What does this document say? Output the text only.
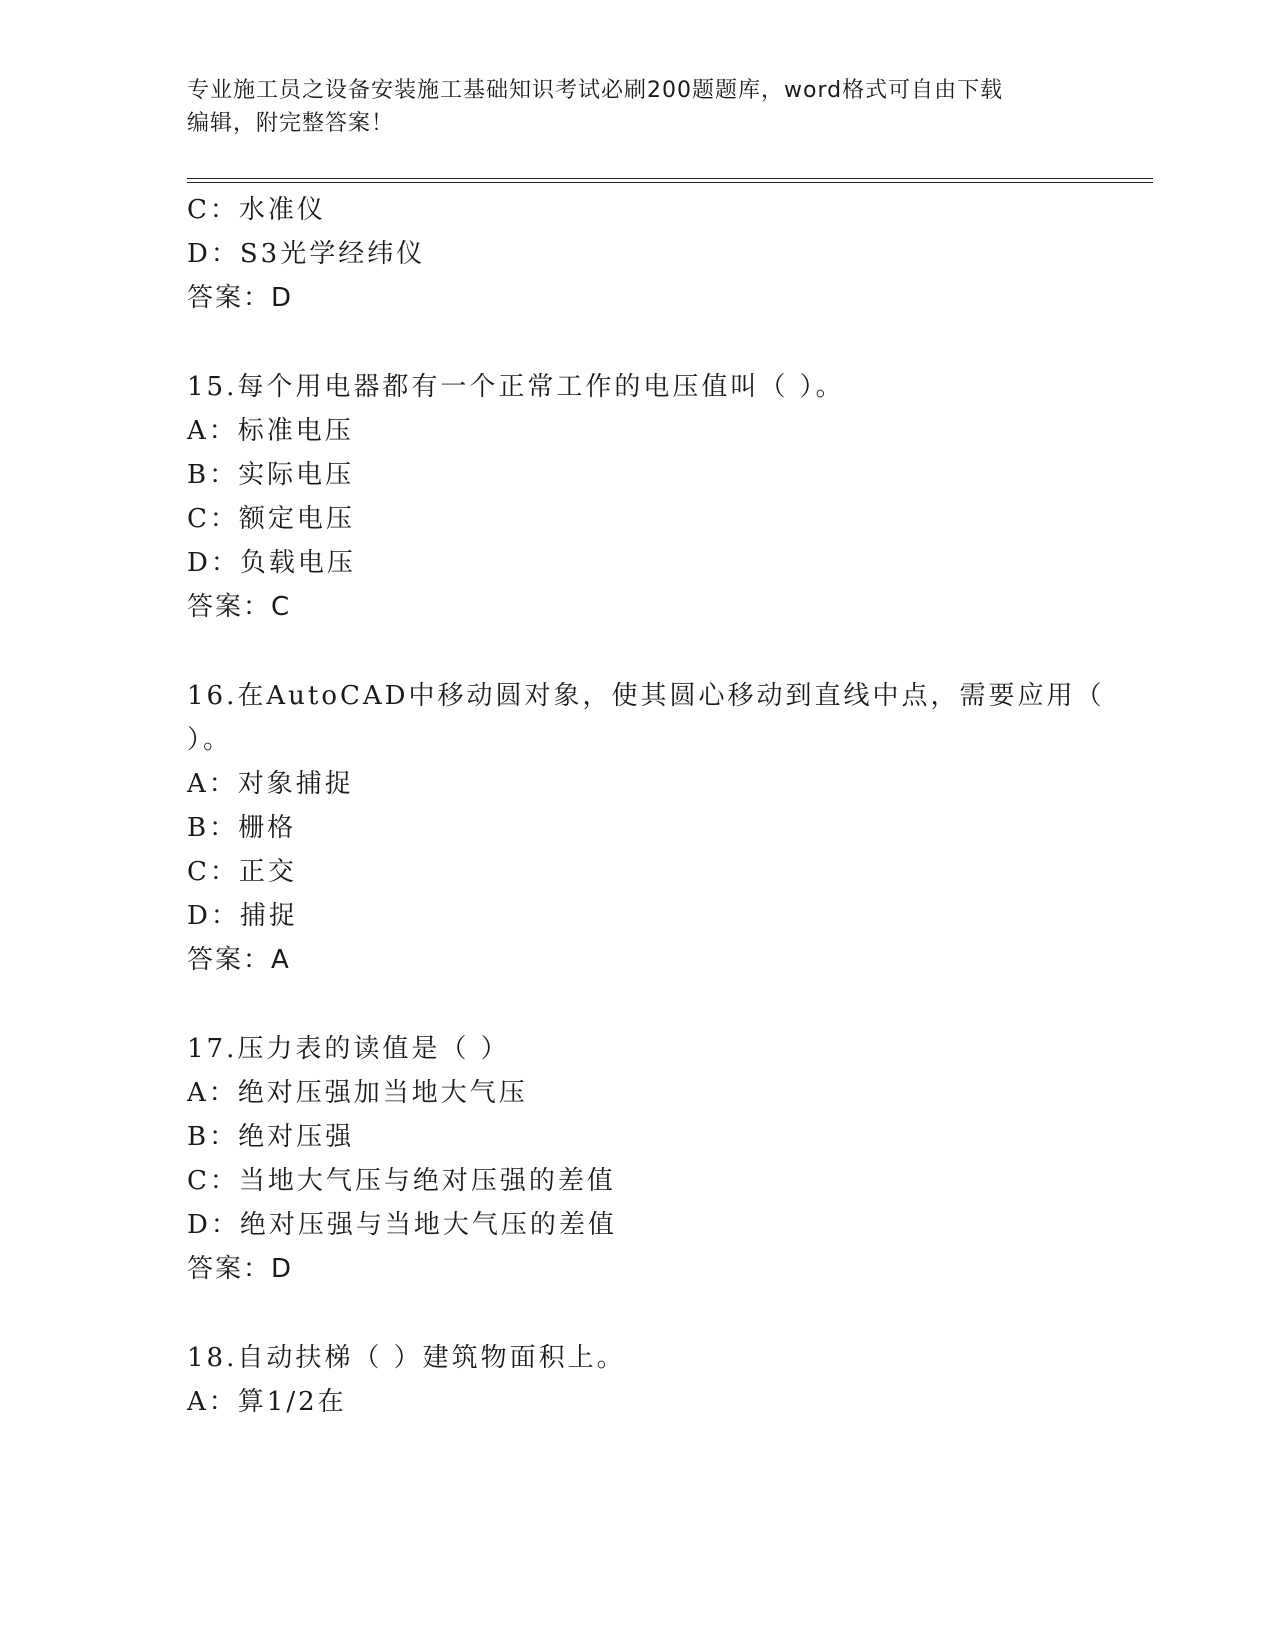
专业施工员之设备安装施工基础知识考试必刷200题题库，word格式可自由下载
编辑，附完整答案！
C：水准仪
D：S3光学经纬仪
答案：D
15.每个用电器都有一个正常工作的电压值叫（ ）。
A：标准电压
B：实际电压
C：额定电压
D：负载电压
答案：C
16.在AutoCAD中移动圆对象，使其圆心移动到直线中点，需要应用（
）。
A：对象捕捉
B：栅格
C：正交
D：捕捉
答案：A
17.压力表的读值是（ ）
A：绝对压强加当地大气压
B：绝对压强
C：当地大气压与绝对压强的差值
D：绝对压强与当地大气压的差值
答案：D
18.自动扶梯（ ）建筑物面积上。
A：算1/2在
